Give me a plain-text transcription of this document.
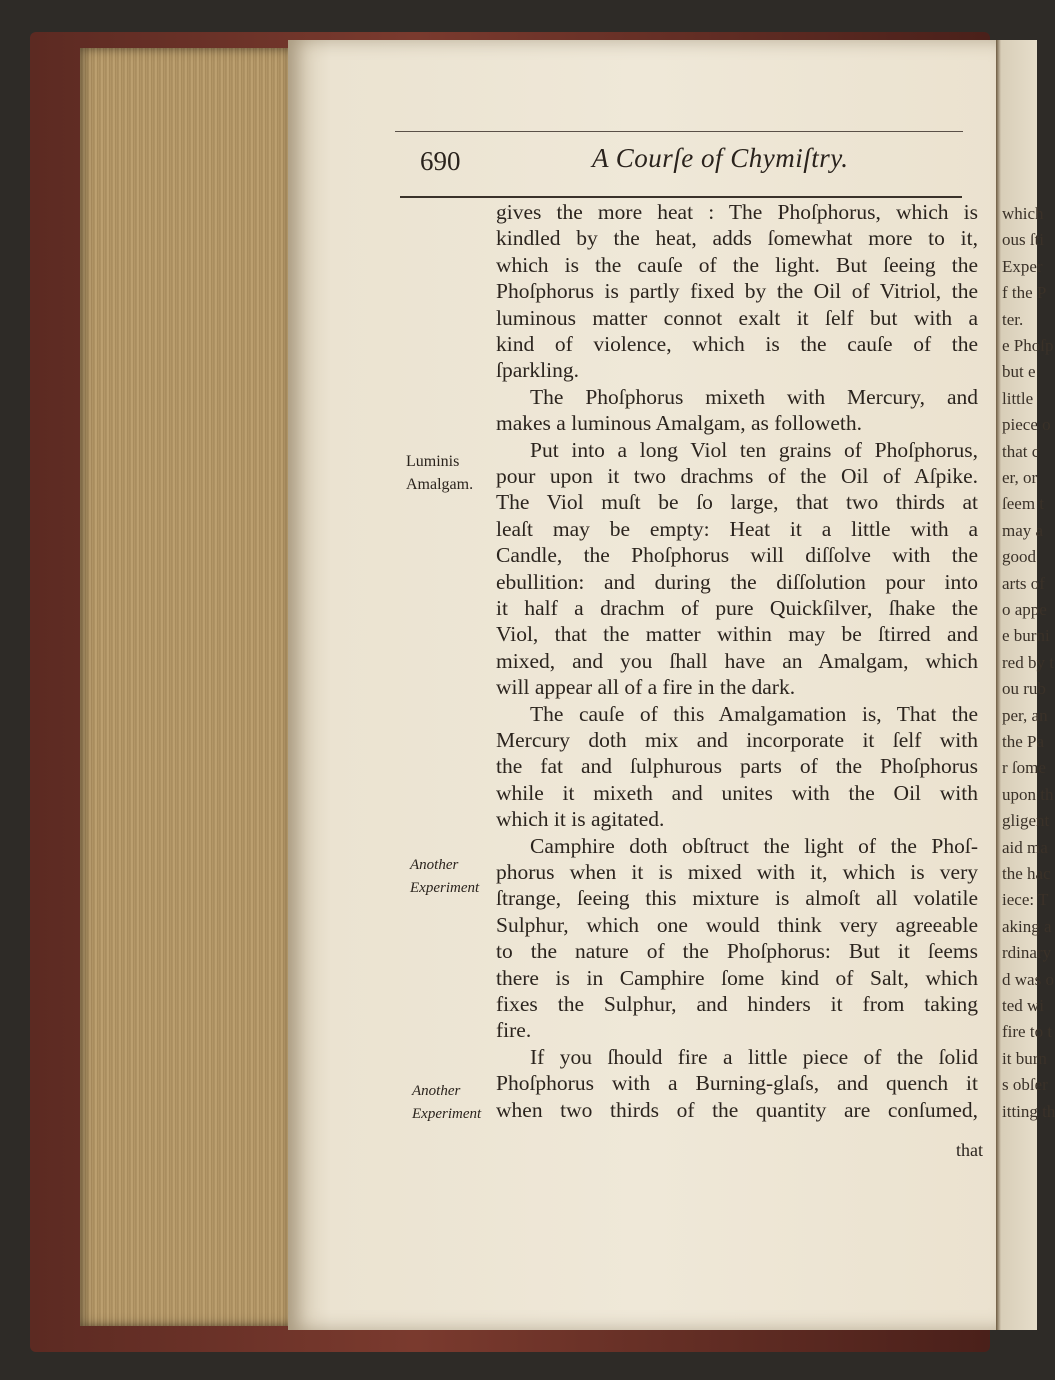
which
ous ſti
Exper
f the P
ter.
e Phoſp
but e
little
piece o
that c
er, or
ſeem t
may a
good
arts of
o appe
e burni
red by t
ou rub
per, an
the Pa
r ſome
upon th
gligent
aid ma
the hac
iece: T
aking a
rdinary
d was o
ted wi
fire to t
it burn
s obſer
itting th
690	A Courſe of Chymiſtry.
Luminis
Amalgam.
Another
Experiment
Another
Experiment
gives the more heat : The Phoſphorus, which is
kindled by the heat, adds ſomewhat more to it,
which is the cauſe of the light. But ſeeing the
Phoſphorus is partly fixed by the Oil of Vitriol, the
luminous matter connot exalt it ſelf but with a
kind of violence, which is the cauſe of the
ſparkling.
The Phoſphorus mixeth with Mercury, and
makes a luminous Amalgam, as followeth.
Put into a long Viol ten grains of Phoſphorus,
pour upon it two drachms of the Oil of Aſpike.
The Viol muſt be ſo large, that two thirds at
leaſt may be empty: Heat it a little with a
Candle, the Phoſphorus will diſſolve with the
ebullition: and during the diſſolution pour into
it half a drachm of pure Quickſilver, ſhake the
Viol, that the matter within may be ſtirred and
mixed, and you ſhall have an Amalgam, which
will appear all of a fire in the dark.
The cauſe of this Amalgamation is, That the
Mercury doth mix and incorporate it ſelf with
the fat and ſulphurous parts of the Phoſphorus
while it mixeth and unites with the Oil with
which it is agitated.
Camphire doth obſtruct the light of the Phoſ-
phorus when it is mixed with it, which is very
ſtrange, ſeeing this mixture is almoſt all volatile
Sulphur, which one would think very agreeable
to the nature of the Phoſphorus: But it ſeems
there is in Camphire ſome kind of Salt, which
fixes the Sulphur, and hinders it from taking
fire.
If you ſhould fire a little piece of the ſolid
Phoſphorus with a Burning-glaſs, and quench it
when two thirds of the quantity are conſumed,
that
